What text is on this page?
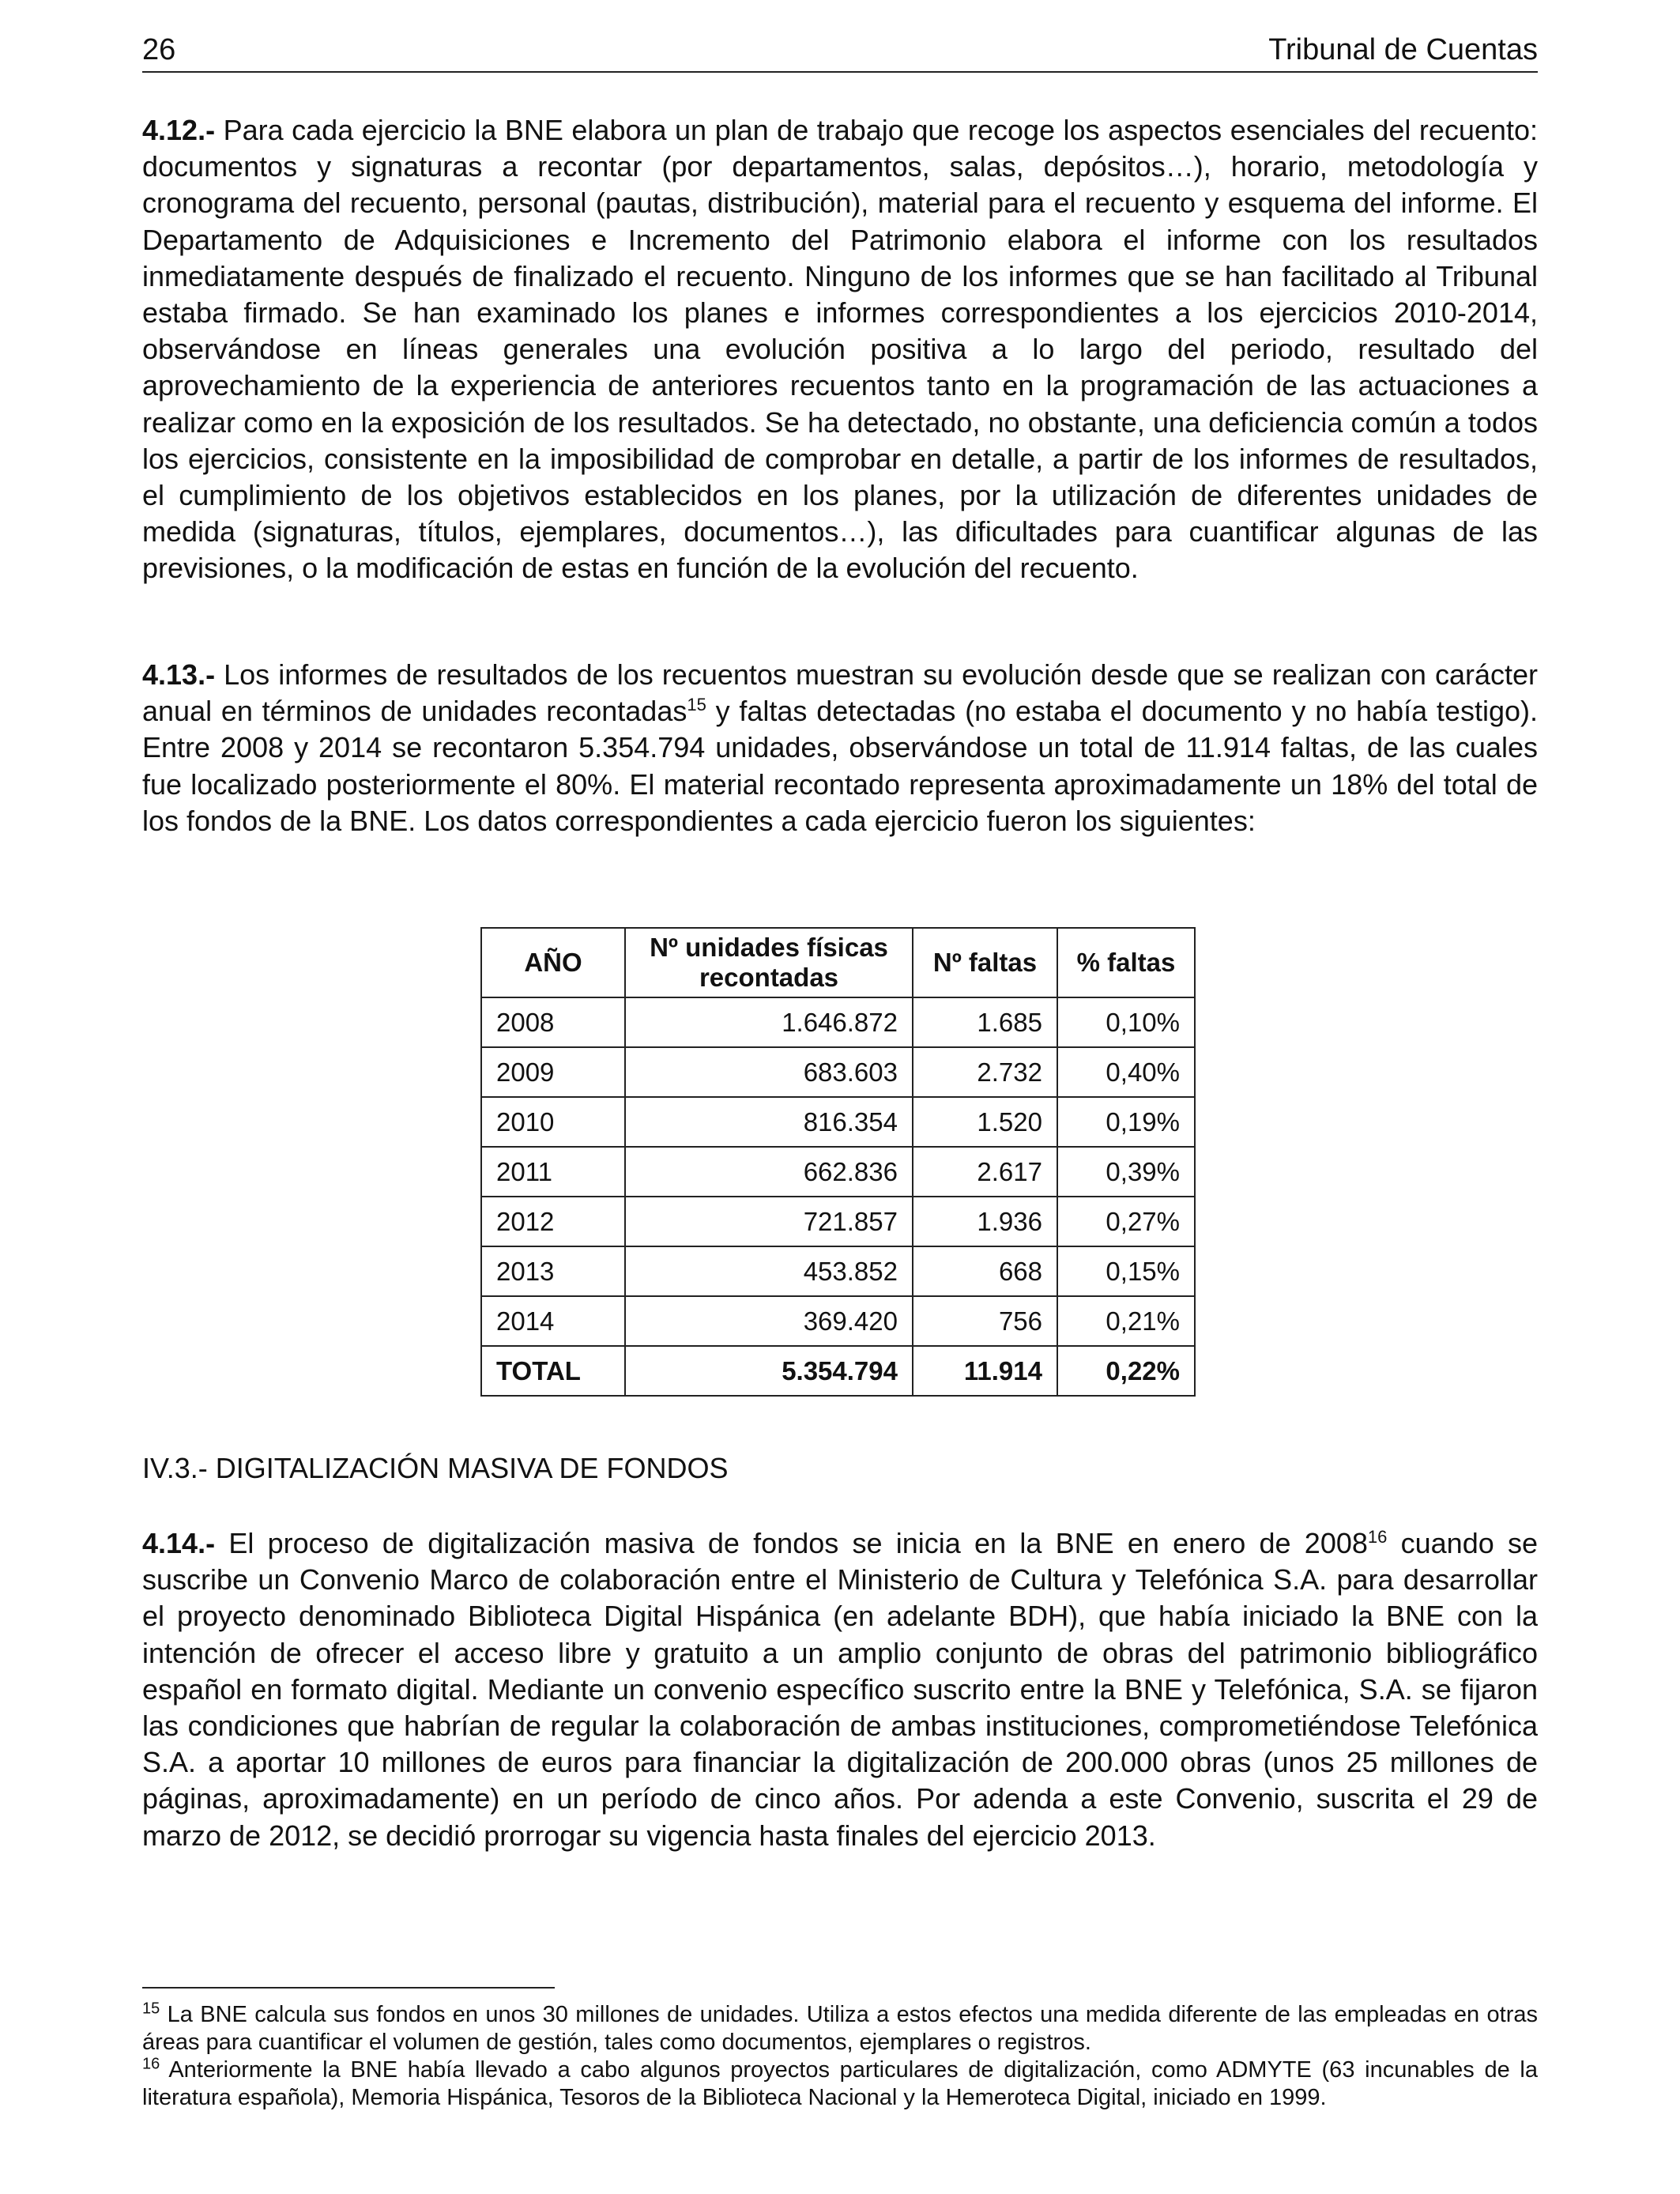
26	Tribunal de Cuentas

4.12.- Para cada ejercicio la BNE elabora un plan de trabajo que recoge los aspectos esenciales del recuento: documentos y signaturas a recontar (por departamentos, salas, depósitos…), horario, metodología y cronograma del recuento, personal (pautas, distribución), material para el recuento y esquema del informe. El Departamento de Adquisiciones e Incremento del Patrimonio elabora el informe con los resultados inmediatamente después de finalizado el recuento. Ninguno de los informes que se han facilitado al Tribunal estaba firmado. Se han examinado los planes e informes correspondientes a los ejercicios 2010-2014, observándose en líneas generales una evolución positiva a lo largo del periodo, resultado del aprovechamiento de la experiencia de anteriores recuentos tanto en la programación de las actuaciones a realizar como en la exposición de los resultados. Se ha detectado, no obstante, una deficiencia común a todos los ejercicios, consistente en la imposibilidad de comprobar en detalle, a partir de los informes de resultados, el cumplimiento de los objetivos establecidos en los planes, por la utilización de diferentes unidades de medida (signaturas, títulos, ejemplares, documentos…), las dificultades para cuantificar algunas de las previsiones, o la modificación de estas en función de la evolución del recuento.

4.13.- Los informes de resultados de los recuentos muestran su evolución desde que se realizan con carácter anual en términos de unidades recontadas$^{15}$ y faltas detectadas (no estaba el documento y no había testigo). Entre 2008 y 2014 se recontaron 5.354.794 unidades, observándose un total de 11.914 faltas, de las cuales fue localizado posteriormente el 80%. El material recontado representa aproximadamente un 18% del total de los fondos de la BNE. Los datos correspondientes a cada ejercicio fueron los siguientes:

AÑO	Nº unidades físicas recontadas	Nº faltas	% faltas
2008	1.646.872	1.685	0,10%
2009	683.603	2.732	0,40%
2010	816.354	1.520	0,19%
2011	662.836	2.617	0,39%
2012	721.857	1.936	0,27%
2013	453.852	668	0,15%
2014	369.420	756	0,21%
TOTAL	5.354.794	11.914	0,22%

IV.3.- DIGITALIZACIÓN MASIVA DE FONDOS

4.14.- El proceso de digitalización masiva de fondos se inicia en la BNE en enero de 2008$^{16}$ cuando se suscribe un Convenio Marco de colaboración entre el Ministerio de Cultura y Telefónica S.A. para desarrollar el proyecto denominado Biblioteca Digital Hispánica (en adelante BDH), que había iniciado la BNE con la intención de ofrecer el acceso libre y gratuito a un amplio conjunto de obras del patrimonio bibliográfico español en formato digital. Mediante un convenio específico suscrito entre la BNE y Telefónica, S.A. se fijaron las condiciones que habrían de regular la colaboración de ambas instituciones, comprometiéndose Telefónica S.A. a aportar 10 millones de euros para financiar la digitalización de 200.000 obras (unos 25 millones de páginas, aproximadamente) en un período de cinco años. Por adenda a este Convenio, suscrita el 29 de marzo de 2012, se decidió prorrogar su vigencia hasta finales del ejercicio 2013.

$^{15}$ La BNE calcula sus fondos en unos 30 millones de unidades. Utiliza a estos efectos una medida diferente de las empleadas en otras áreas para cuantificar el volumen de gestión, tales como documentos, ejemplares o registros.

$^{16}$ Anteriormente la BNE había llevado a cabo algunos proyectos particulares de digitalización, como ADMYTE (63 incunables de la literatura española), Memoria Hispánica, Tesoros de la Biblioteca Nacional y la Hemeroteca Digital, iniciado en 1999.
